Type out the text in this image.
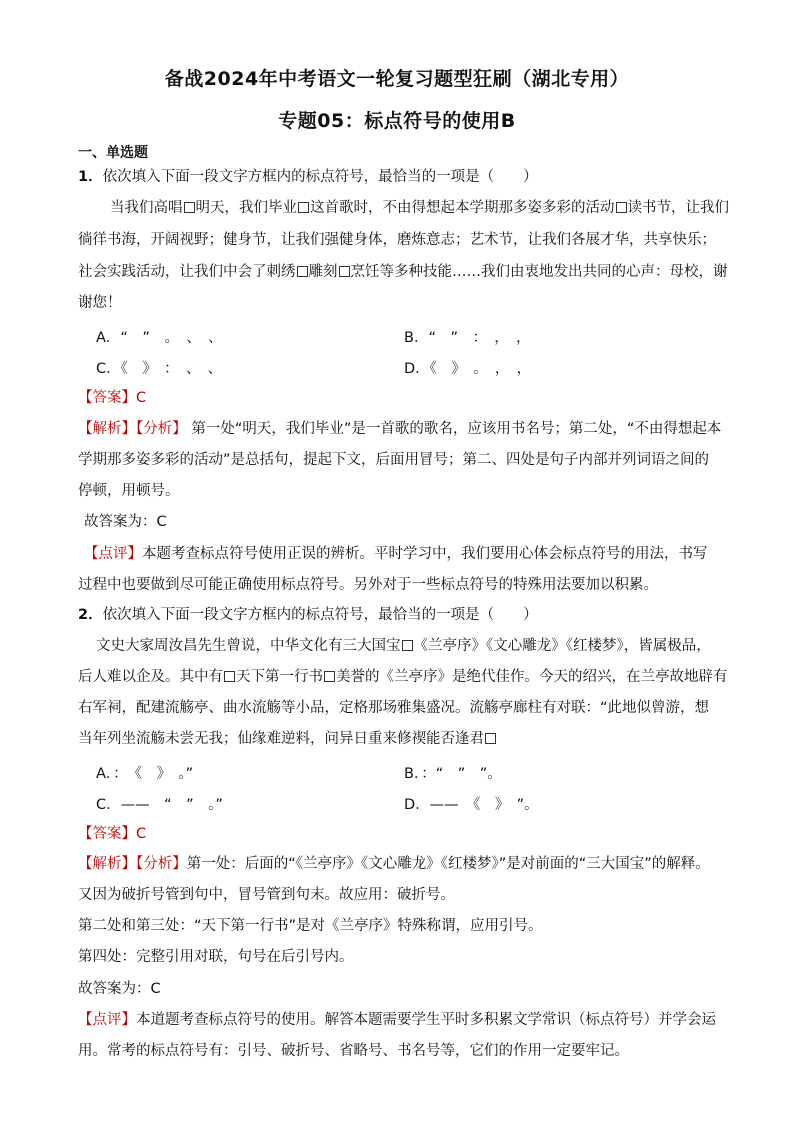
备战2024年中考语文一轮复习题型狂刷（湖北专用）
专题05：标点符号的使用B
一、单选题
1．依次填入下面一段文字方框内的标点符号，最恰当的一项是（　　）
当我们高唱 明天，我们毕业 这首歌时，不由得想起本学期那多姿多彩的活动 读书节，让我们
徜徉书海，开阔视野；健身节，让我们强健身体，磨炼意志；艺术节，让我们各展才华，共享快乐；
社会实践活动，让我们中会了刺绣 雕刻 烹饪等多种技能……我们由衷地发出共同的心声：母校，谢
谢您！
A．“　”　。　、　、	B．“　”　：　，　，
C．《　》　：　、　、	D．《　》　。　，　，
【答案】C
【解析】【分析】 第一处“明天，我们毕业”是一首歌的歌名，应该用书名号；第二处，“不由得想起本
学期那多姿多彩的活动”是总括句，提起下文，后面用冒号；第二、四处是句子内部并列词语之间的
停顿，用顿号。
故答案为：C
【点评】本题考查标点符号使用正误的辨析。平时学习中，我们要用心体会标点符号的用法，书写
过程中也要做到尽可能正确使用标点符号。另外对于一些标点符号的特殊用法要加以积累。
2．依次填入下面一段文字方框内的标点符号，最恰当的一项是（　　）
文史大家周汝昌先生曾说，中华文化有三大国宝 《兰亭序》《文心雕龙》《红楼梦》，皆属极品，
后人难以企及。其中有 天下第一行书 美誉的《兰亭序》是绝代佳作。今天的绍兴，在兰亭故地辟有
右军祠，配建流觞亭、曲水流觞等小品，定格那场雅集盛况。流觞亭廊柱有对联：“此地似曾游，想
当年列坐流觞未尝无我；仙缘难逆料，问异日重来修禊能否逢君
A．：　《　》　。”	B．：“　”　”。
C．——　“　”　。”	D．——　《　》　”。
【答案】C
【解析】【分析】第一处：后面的“《兰亭序》《文心雕龙》《红楼梦》”是对前面的“三大国宝”的解释。
又因为破折号管到句中，冒号管到句末。故应用：破折号。
第二处和第三处：“天下第一行书”是对《兰亭序》特殊称谓，应用引号。
第四处：完整引用对联，句号在后引号内。
故答案为：C
【点评】本道题考查标点符号的使用。解答本题需要学生平时多积累文学常识（标点符号）并学会运
用。常考的标点符号有：引号、破折号、省略号、书名号等，它们的作用一定要牢记。
